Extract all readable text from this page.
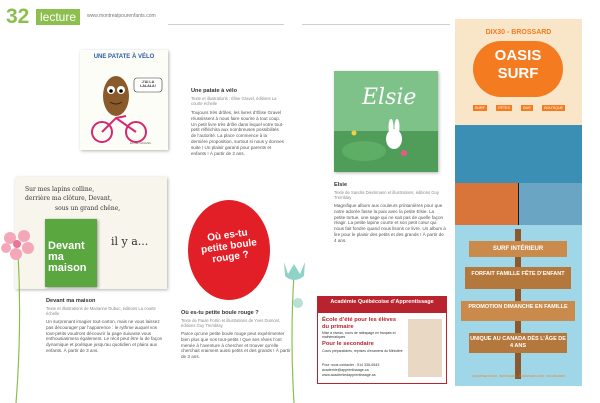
32 lecture	www.montrealpourenfants.com
UNE PATATE À VÉLO
J’AI LA LALALA!
ÉLISE GRAVEL
Une patate à vélo
Texte et illustrations : Élise Gravel, éditions La courte échelle
Toujours très drôles, les livres d’Élise Gravel réussissent à nous faire sourire à tout coup. Un petit livre très drôle dans lequel votre tout-petit réfléchira aux nombreuses possibilités de l’autorité. La place commence à la dernière proposition, surtout si nous y donnes suite ! Un plaisir garanti pour parents et enfants ! À partir de 2 ans.
Elsie
Elsie
Texte de Sandra Dieckmann et illustrations, éditions Guy Tremblay
Magnifique album aux couleurs printanières pour que notre adorée fasse la paix avec la petite Elsie. La petite tortue, une sage qui ne sait pas de quelle façon réagir. La petite lapine courte et son petit cœur qui nous fait fondre quand nous lisons ce livre. Un album à lire pour le plaisir des petits et des grands ! À partir de 4 ans.
Sur mes lapins colline,
derrière ma clôture, Devant,
sous un grand chêne,
il y a...
Devant ma maison
Devant ma maison
Texte et illustrations de Marianne Dubuc, éditions La courte échelle
Un surprenant imagier tout-carton, mais ne vous laissez pas décourager par l’apparence : le rythme auquel vos tout-petits voudront découvrir la page suivante vous enthousiasmera également. Le récit peut être lu de façon dynamique et poétique jusqu’au quotidien et plaira aux enfants. À partir de 3 ans.
Où es-tu petite boule rouge ?
Où es-tu petite boule rouge ?
Texte de Paule Fortin et illustrations de Yves Dumont, éditions Guy Tremblay
Parce qu’une petite boule rouge peut expérimenter bien plus que nos tout-petits ! Que ses rêves l’ont menée à l’aventure à chercher et trouver qu’elle cherchait vraiment aussi petits et des grands ! À partir de 3 ans.
DIX30 - BROSSARD
OASIS
SURF
SURF	FÊTES	BAR	BOUTIQUE
SURF INTÉRIEUR
FORFAIT FAMILLE FÊTE D’ENFANT
PROMOTION DIMANCHE EN FAMILLE
UNIQUE AU CANADA DÈS L’ÂGE DE 4 ANS
QUARTIER DIX30 · BROSSARD · OASISSURF.COM · 514.000.0000
Académie Québécoise d’Apprentissage
École d’été pour les élèves du primaire
Mise à niveau, cours de rattrapage en français et mathématiques
Pour le secondaire
Cours préparatoires, reprises d’examens du Ministère
Pour nous contacter : 514 336-6543
academie@apprentissage.ca
www.academiedapprentissage.ca
